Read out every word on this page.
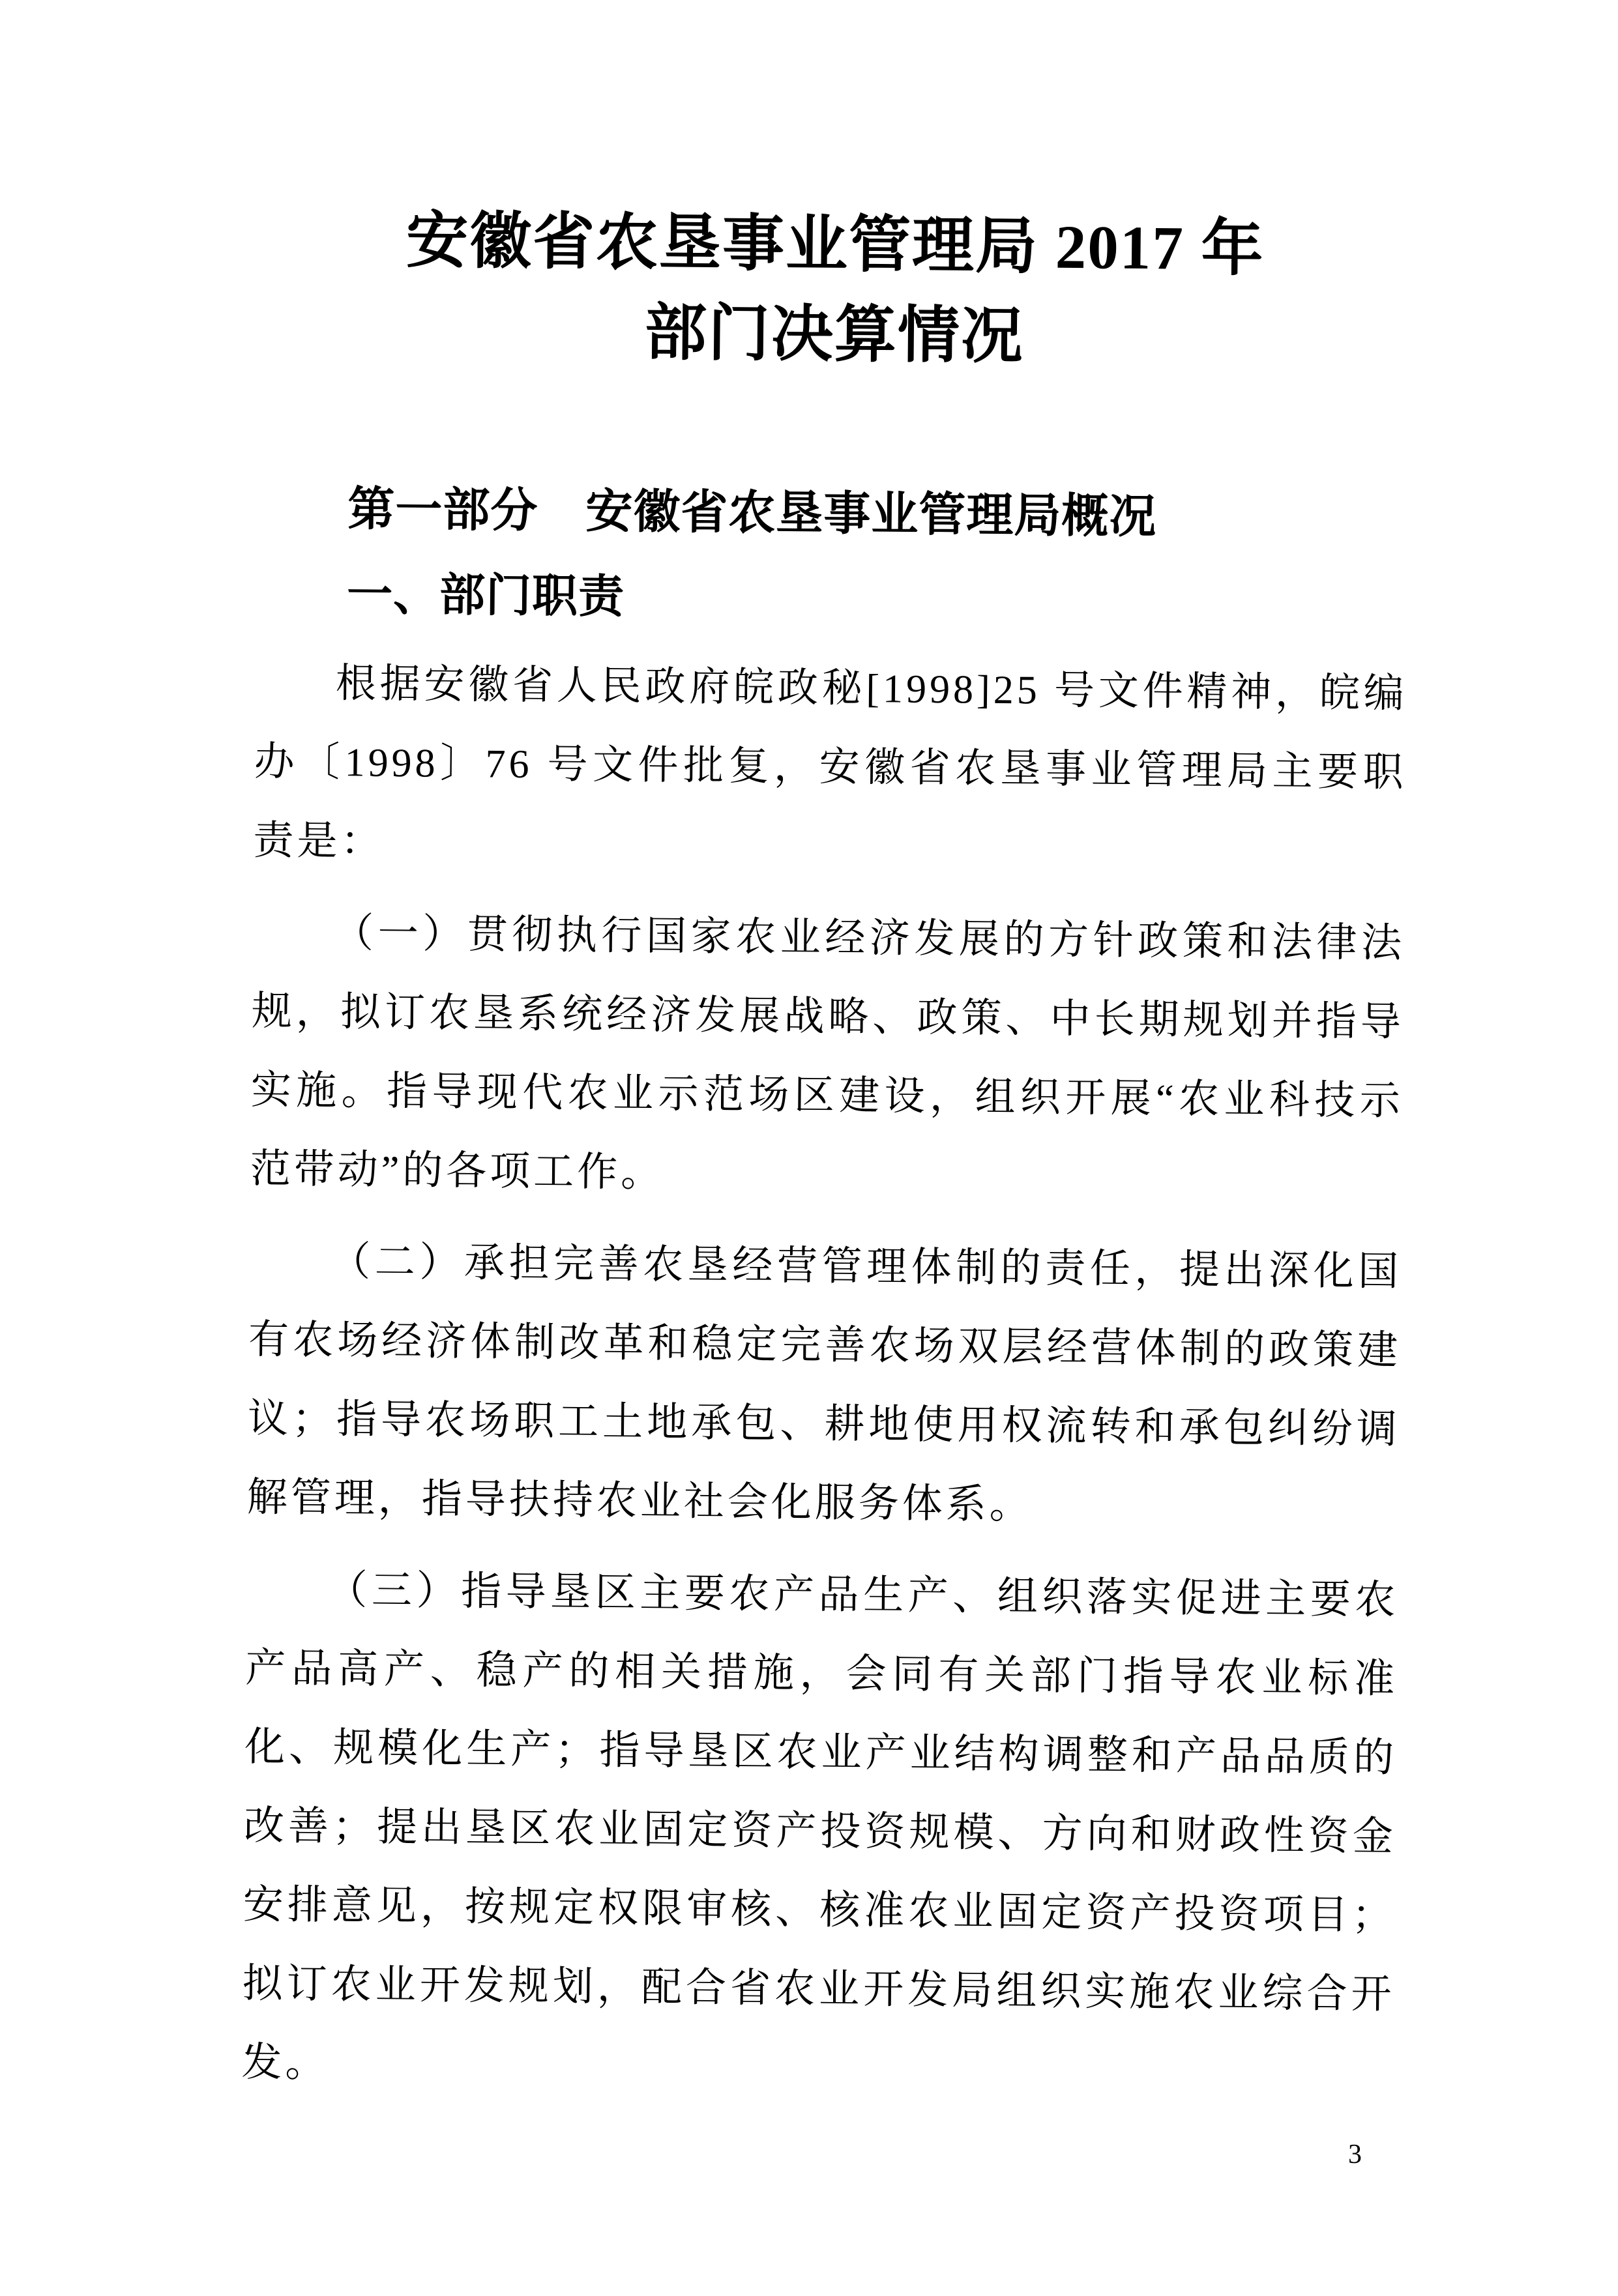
安徽省农垦事业管理局 2017 年
部门决算情况
第一部分　安徽省农垦事业管理局概况
一、部门职责

根据安徽省人民政府皖政秘[1998]25 号文件精神，皖编办〔1998〕76 号文件批复，安徽省农垦事业管理局主要职责是：

（一）贯彻执行国家农业经济发展的方针政策和法律法规，拟订农垦系统经济发展战略、政策、中长期规划并指导实施。指导现代农业示范场区建设，组织开展“农业科技示范带动”的各项工作。

（二）承担完善农垦经营管理体制的责任，提出深化国有农场经济体制改革和稳定完善农场双层经营体制的政策建议；指导农场职工土地承包、耕地使用权流转和承包纠纷调解管理，指导扶持农业社会化服务体系。

（三）指导垦区主要农产品生产、组织落实促进主要农产品高产、稳产的相关措施，会同有关部门指导农业标准化、规模化生产；指导垦区农业产业结构调整和产品品质的改善；提出垦区农业固定资产投资规模、方向和财政性资金安排意见，按规定权限审核、核准农业固定资产投资项目；拟订农业开发规划，配合省农业开发局组织实施农业综合开发。

3
